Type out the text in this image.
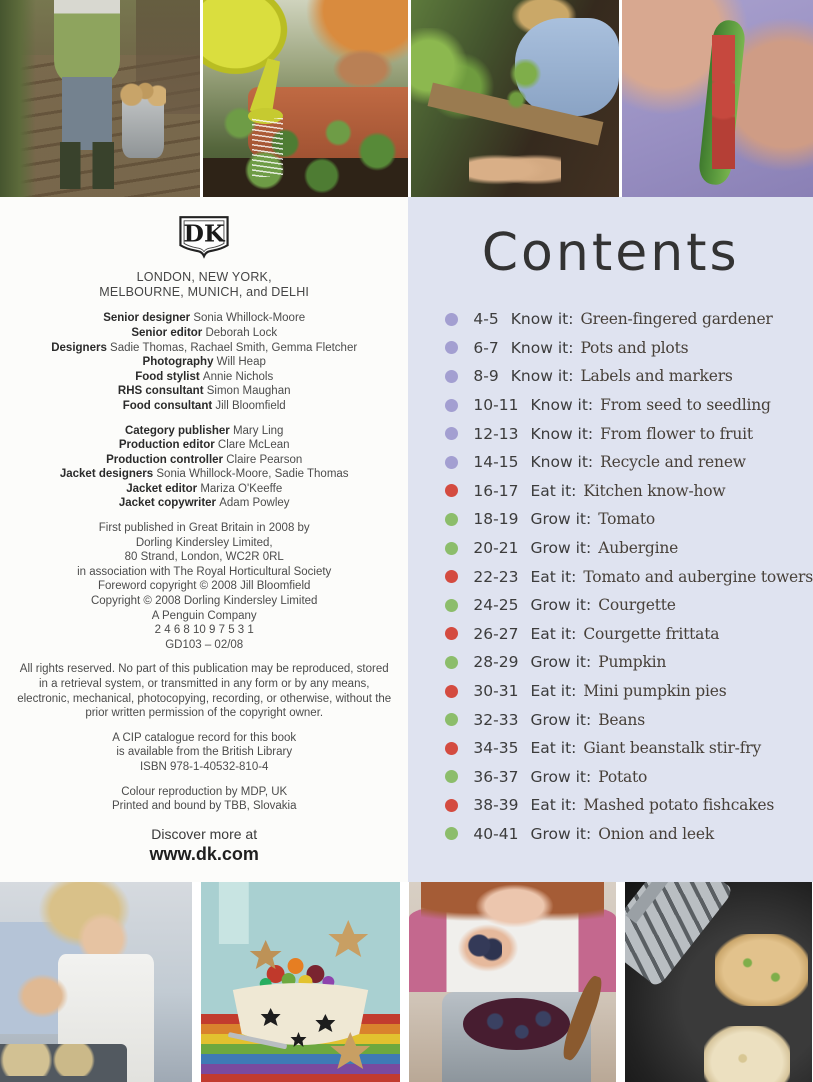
DK
LONDON, NEW YORK,
MELBOURNE, MUNICH, and DELHI
Senior designer Sonia Whillock-Moore
Senior editor Deborah Lock
Designers Sadie Thomas, Rachael Smith, Gemma Fletcher
Photography Will Heap
Food stylist Annie Nichols
RHS consultant Simon Maughan
Food consultant Jill Bloomfield
Category publisher Mary Ling
Production editor Clare McLean
Production controller Claire Pearson
Jacket designers Sonia Whillock-Moore, Sadie Thomas
Jacket editor Mariza O'Keeffe
Jacket copywriter Adam Powley
First published in Great Britain in 2008 by
Dorling Kindersley Limited,
80 Strand, London, WC2R 0RL
in association with The Royal Horticultural Society
Foreword copyright © 2008 Jill Bloomfield
Copyright © 2008 Dorling Kindersley Limited
A Penguin Company
2 4 6 8 10 9 7 5 3 1
GD103 – 02/08
All rights reserved. No part of this publication may be reproduced, stored in a retrieval system, or transmitted in any form or by any means, electronic, mechanical, photocopying, recording, or otherwise, without the prior written permission of the copyright owner.
A CIP catalogue record for this book
is available from the British Library
ISBN 978-1-40532-810-4
Colour reproduction by MDP, UK
Printed and bound by TBB, Slovakia
Discover more at
www.dk.com
Contents
4-5 Know it: Green-fingered gardener
6-7 Know it: Pots and plots
8-9 Know it: Labels and markers
10-11 Know it: From seed to seedling
12-13 Know it: From flower to fruit
14-15 Know it: Recycle and renew
16-17 Eat it: Kitchen know-how
18-19 Grow it: Tomato
20-21 Grow it: Aubergine
22-23 Eat it: Tomato and aubergine towers
24-25 Grow it: Courgette
26-27 Eat it: Courgette frittata
28-29 Grow it: Pumpkin
30-31 Eat it: Mini pumpkin pies
32-33 Grow it: Beans
34-35 Eat it: Giant beanstalk stir-fry
36-37 Grow it: Potato
38-39 Eat it: Mashed potato fishcakes
40-41 Grow it: Onion and leek
